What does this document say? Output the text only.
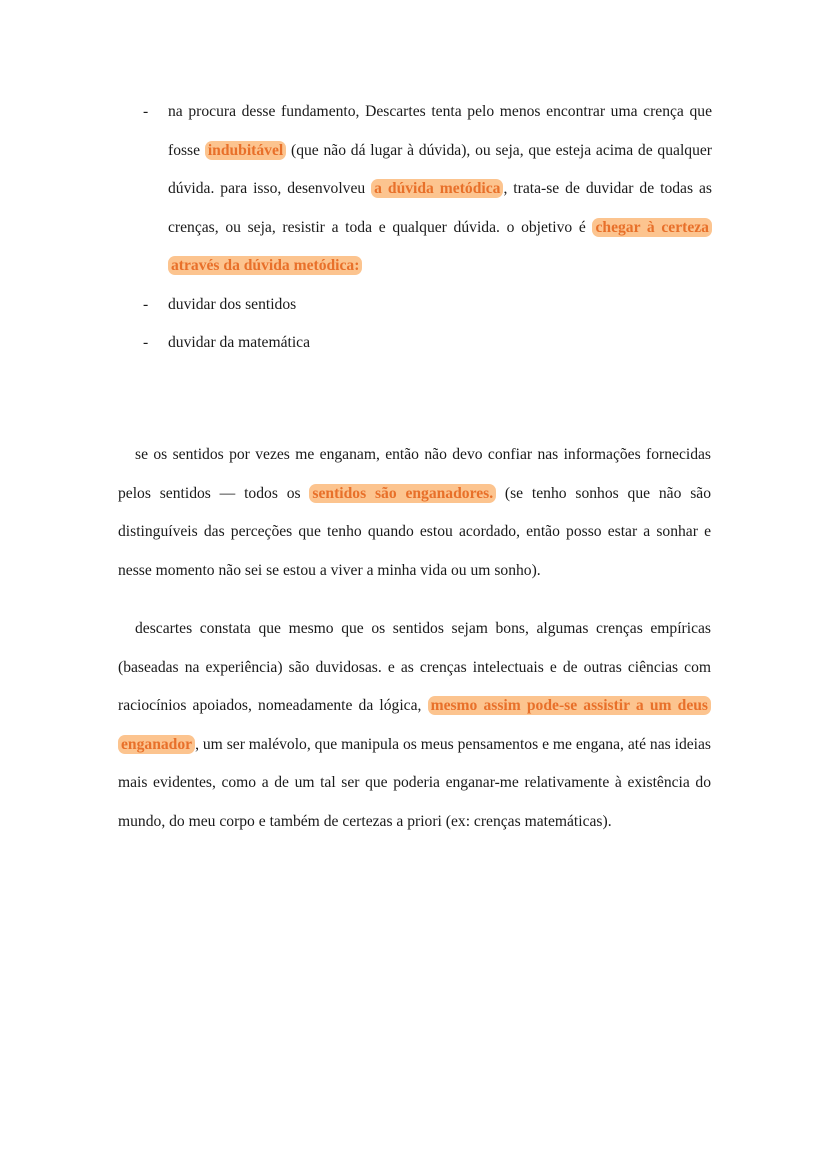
-	na procura desse fundamento, Descartes tenta pelo menos encontrar uma crença que fosse indubitável (que não dá lugar à dúvida), ou seja, que esteja acima de qualquer dúvida. para isso, desenvolveu a dúvida metódica , trata-se de duvidar de todas as crenças, ou seja, resistir a toda e qualquer dúvida. o objetivo é chegar à certeza através da dúvida metódica:
-	duvidar dos sentidos
-	duvidar da matemática

se os sentidos por vezes me enganam, então não devo confiar nas informações fornecidas pelos sentidos — todos os sentidos são enganadores. (se tenho sonhos que não são distinguíveis das perceções que tenho quando estou acordado, então posso estar a sonhar e nesse momento não sei se estou a viver a minha vida ou um sonho).

descartes constata que mesmo que os sentidos sejam bons, algumas crenças empíricas (baseadas na experiência) são duvidosas. e as crenças intelectuais e de outras ciências com raciocínios apoiados, nomeadamente da lógica, mesmo assim pode-se assistir a um deus enganador , um ser malévolo, que manipula os meus pensamentos e me engana, até nas ideias mais evidentes, como a de um tal ser que poderia enganar-me relativamente à existência do mundo, do meu corpo e também de certezas a priori (ex: crenças matemáticas).
